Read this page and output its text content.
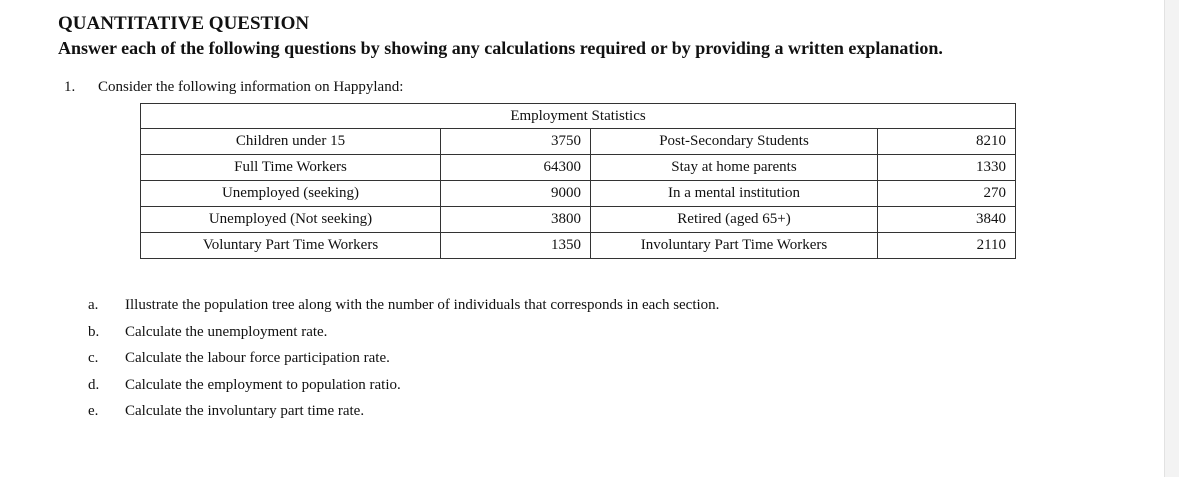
QUANTITATIVE QUESTION
Answer each of the following questions by showing any calculations required or by providing a written explanation.
1. Consider the following information on Happyland:
Employment Statistics			
Children under 15	3750	Post-Secondary Students	8210
Full Time Workers	64300	Stay at home parents	1330
Unemployed (seeking)	9000	In a mental institution	270
Unemployed (Not seeking)	3800	Retired (aged 65+)	3840
Voluntary Part Time Workers	1350	Involuntary Part Time Workers	2110
a.	Illustrate the population tree along with the number of individuals that corresponds in each section.
b.	Calculate the unemployment rate.
c.	Calculate the labour force participation rate.
d.	Calculate the employment to population ratio.
e.	Calculate the involuntary part time rate.
